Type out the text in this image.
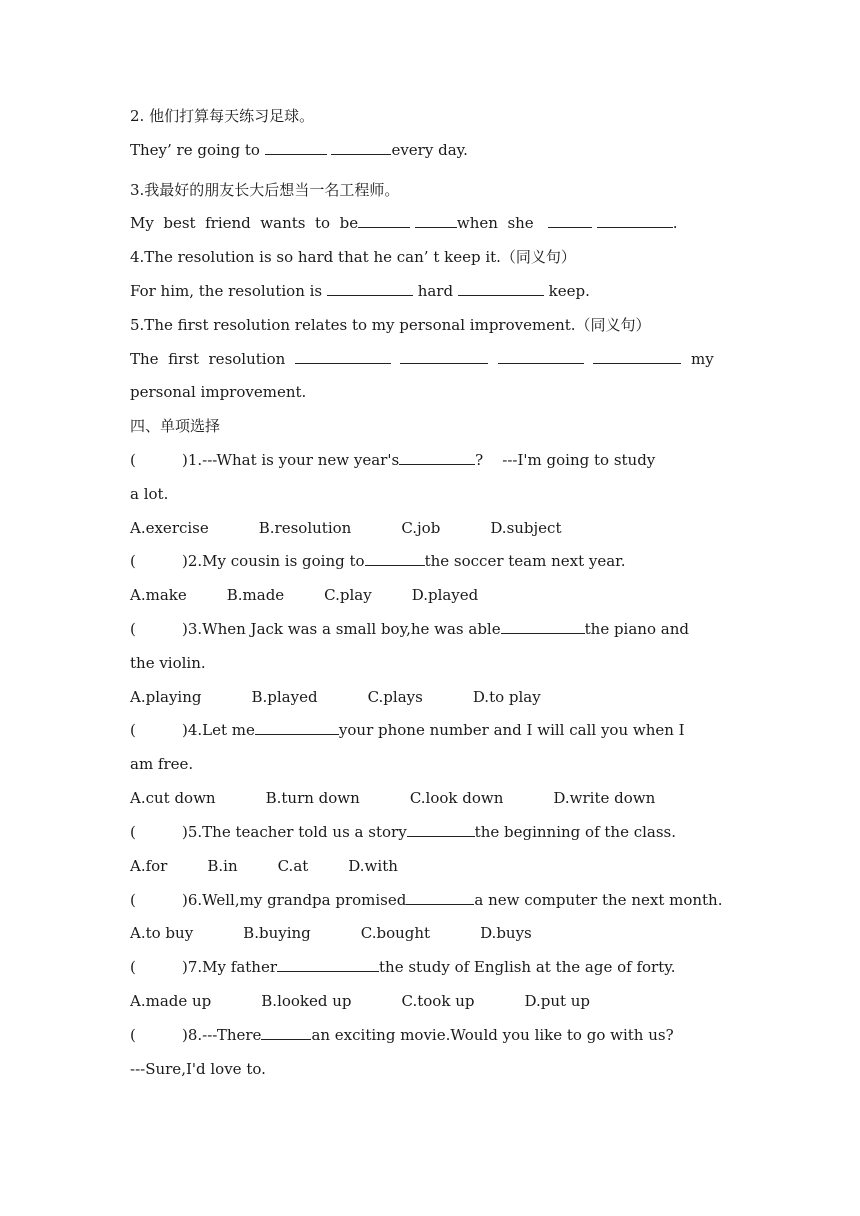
2. 他们打算每天练习足球。
They’ re going to	every day.
3.我最好的朋友长大后想当一名工程师。
My  best  friend  wants  to  be	when  she	.
4.The resolution is so hard that he can’ t keep it.（同义句）
For him, the resolution is	hard	keep.
5.The first resolution relates to my personal improvement.（同义句）
The  first  resolution	my
personal improvement.
四、单项选择
(	)1.---What is your new year's	?    ---I'm going to study
a lot.
A.exercise	B.resolution	C.job	D.subject
(	)2.My cousin is going to	the soccer team next year.
A.make	B.made	C.play	D.played
(	)3.When Jack was a small boy,he was able	the piano and
the violin.
A.playing	B.played	C.plays	D.to play
(	)4.Let me	your phone number and I will call you when I
am free.
A.cut down	B.turn down	C.look down	D.write down
(	)5.The teacher told us a story	the beginning of the class.
A.for	B.in	C.at	D.with
(	)6.Well,my grandpa promised	a new computer the next month.
A.to buy	B.buying	C.bought	D.buys
(	)7.My father	the study of English at the age of forty.
A.made up	B.looked up	C.took up	D.put up
(	)8.---There	an exciting movie.Would you like to go with us?
---Sure,I'd love to.
